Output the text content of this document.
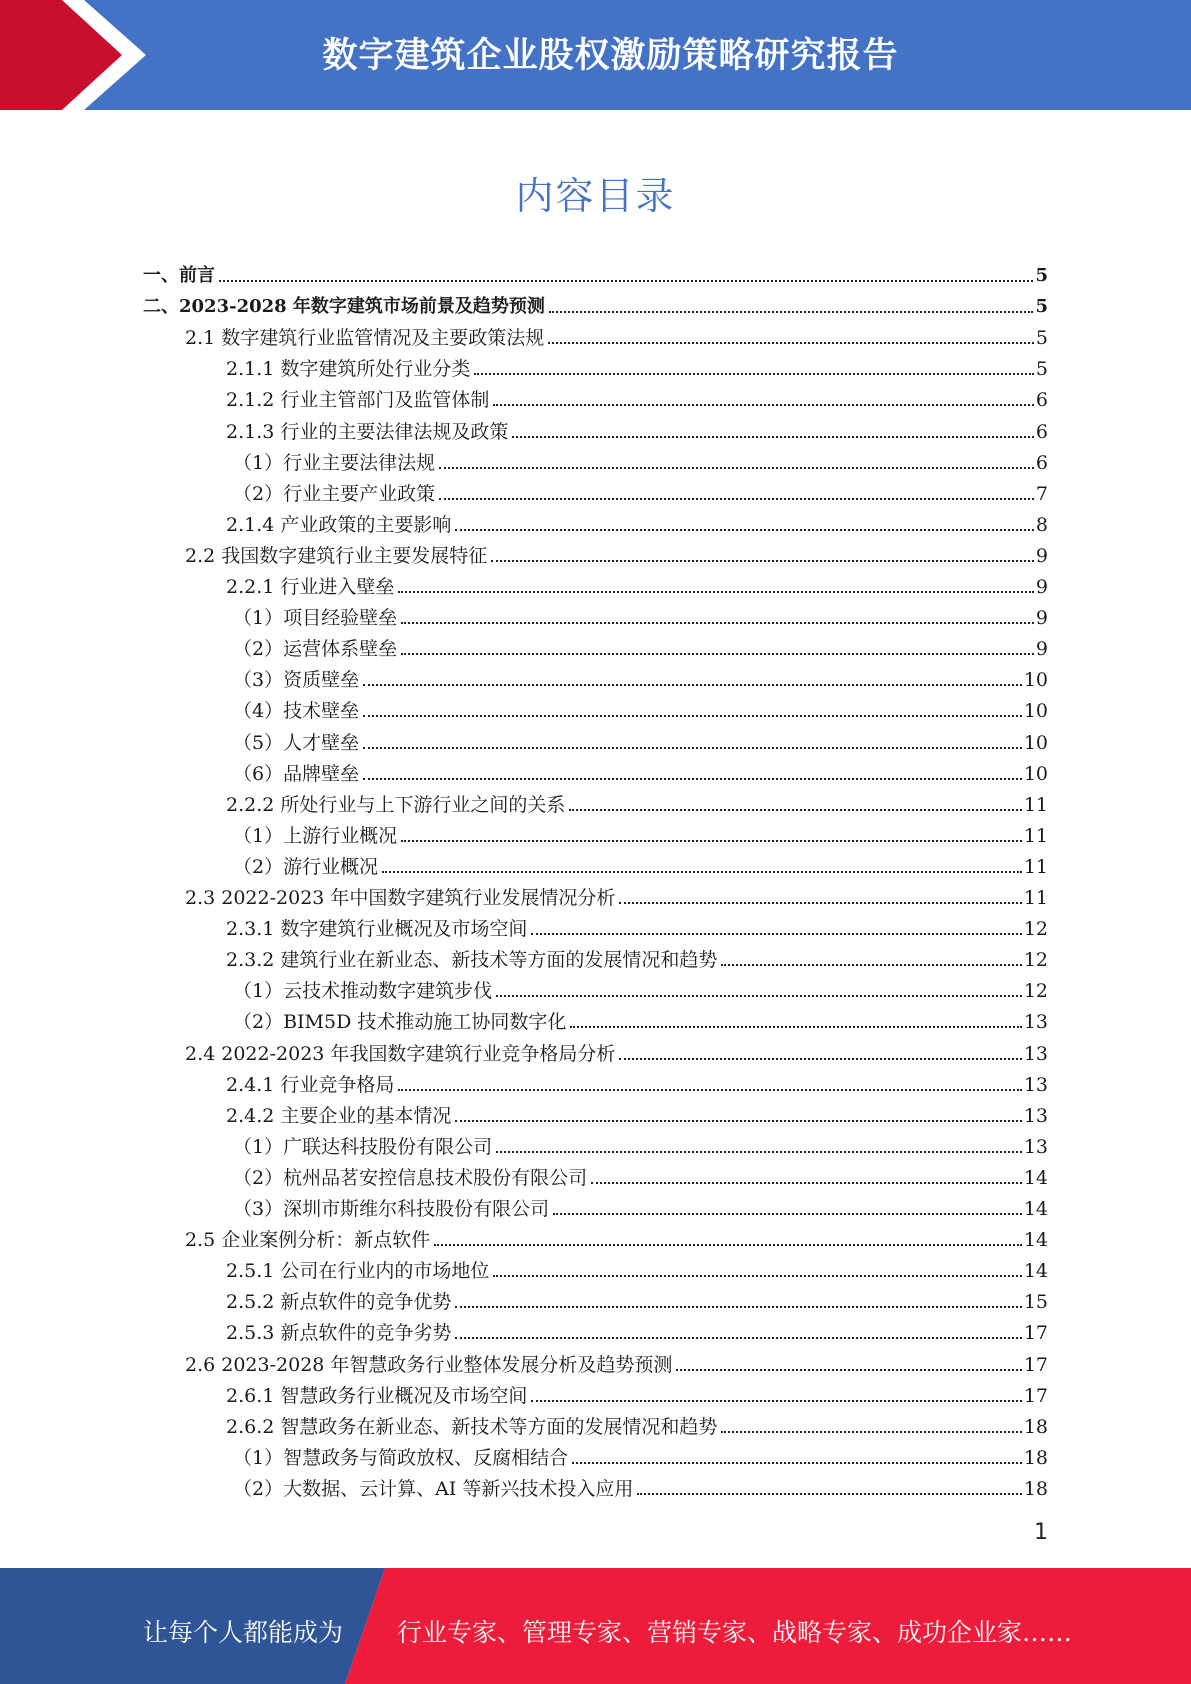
数字建筑企业股权激励策略研究报告
内容目录
一、前言	5
二、2023-2028 年数字建筑市场前景及趋势预测	5
2.1 数字建筑行业监管情况及主要政策法规	5
2.1.1 数字建筑所处行业分类	5
2.1.2 行业主管部门及监管体制	6
2.1.3 行业的主要法律法规及政策	6
（1）行业主要法律法规	6
（2）行业主要产业政策	7
2.1.4 产业政策的主要影响	8
2.2 我国数字建筑行业主要发展特征	9
2.2.1 行业进入壁垒	9
（1）项目经验壁垒	9
（2）运营体系壁垒	9
（3）资质壁垒	10
（4）技术壁垒	10
（5）人才壁垒	10
（6）品牌壁垒	10
2.2.2 所处行业与上下游行业之间的关系	11
（1）上游行业概况	11
（2）游行业概况	11
2.3 2022-2023 年中国数字建筑行业发展情况分析	11
2.3.1 数字建筑行业概况及市场空间	12
2.3.2 建筑行业在新业态、新技术等方面的发展情况和趋势	12
（1）云技术推动数字建筑步伐	12
（2）BIM5D 技术推动施工协同数字化	13
2.4 2022-2023 年我国数字建筑行业竞争格局分析	13
2.4.1 行业竞争格局	13
2.4.2 主要企业的基本情况	13
（1）广联达科技股份有限公司	13
（2）杭州品茗安控信息技术股份有限公司	14
（3）深圳市斯维尔科技股份有限公司	14
2.5 企业案例分析：新点软件	14
2.5.1 公司在行业内的市场地位	14
2.5.2 新点软件的竞争优势	15
2.5.3 新点软件的竞争劣势	17
2.6 2023-2028 年智慧政务行业整体发展分析及趋势预测	17
2.6.1 智慧政务行业概况及市场空间	17
2.6.2 智慧政务在新业态、新技术等方面的发展情况和趋势	18
（1）智慧政务与简政放权、反腐相结合	18
（2）大数据、云计算、AI 等新兴技术投入应用	18
1
让每个人都能成为 行业专家、管理专家、营销专家、战略专家、成功企业家……
